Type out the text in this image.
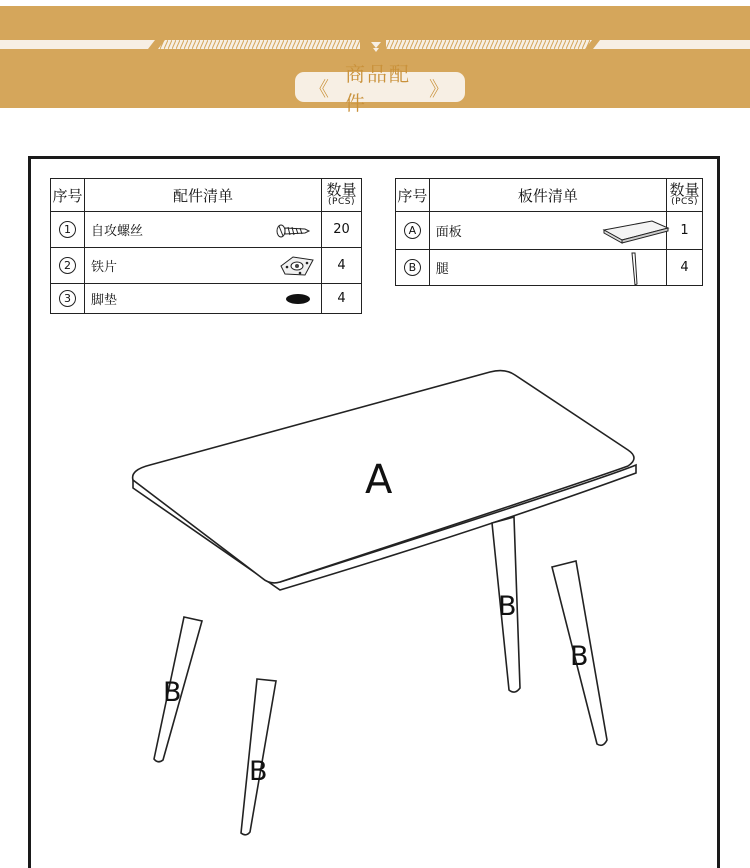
《
商品配件
》
序号	配件清单	数量
(PCS)

1	自攻螺丝	20
2	铁片	4
3	脚垫	4
序号	板件清单	数量
(PCS)

A	面板	1
B	腿	4
A
B
B
B
B
